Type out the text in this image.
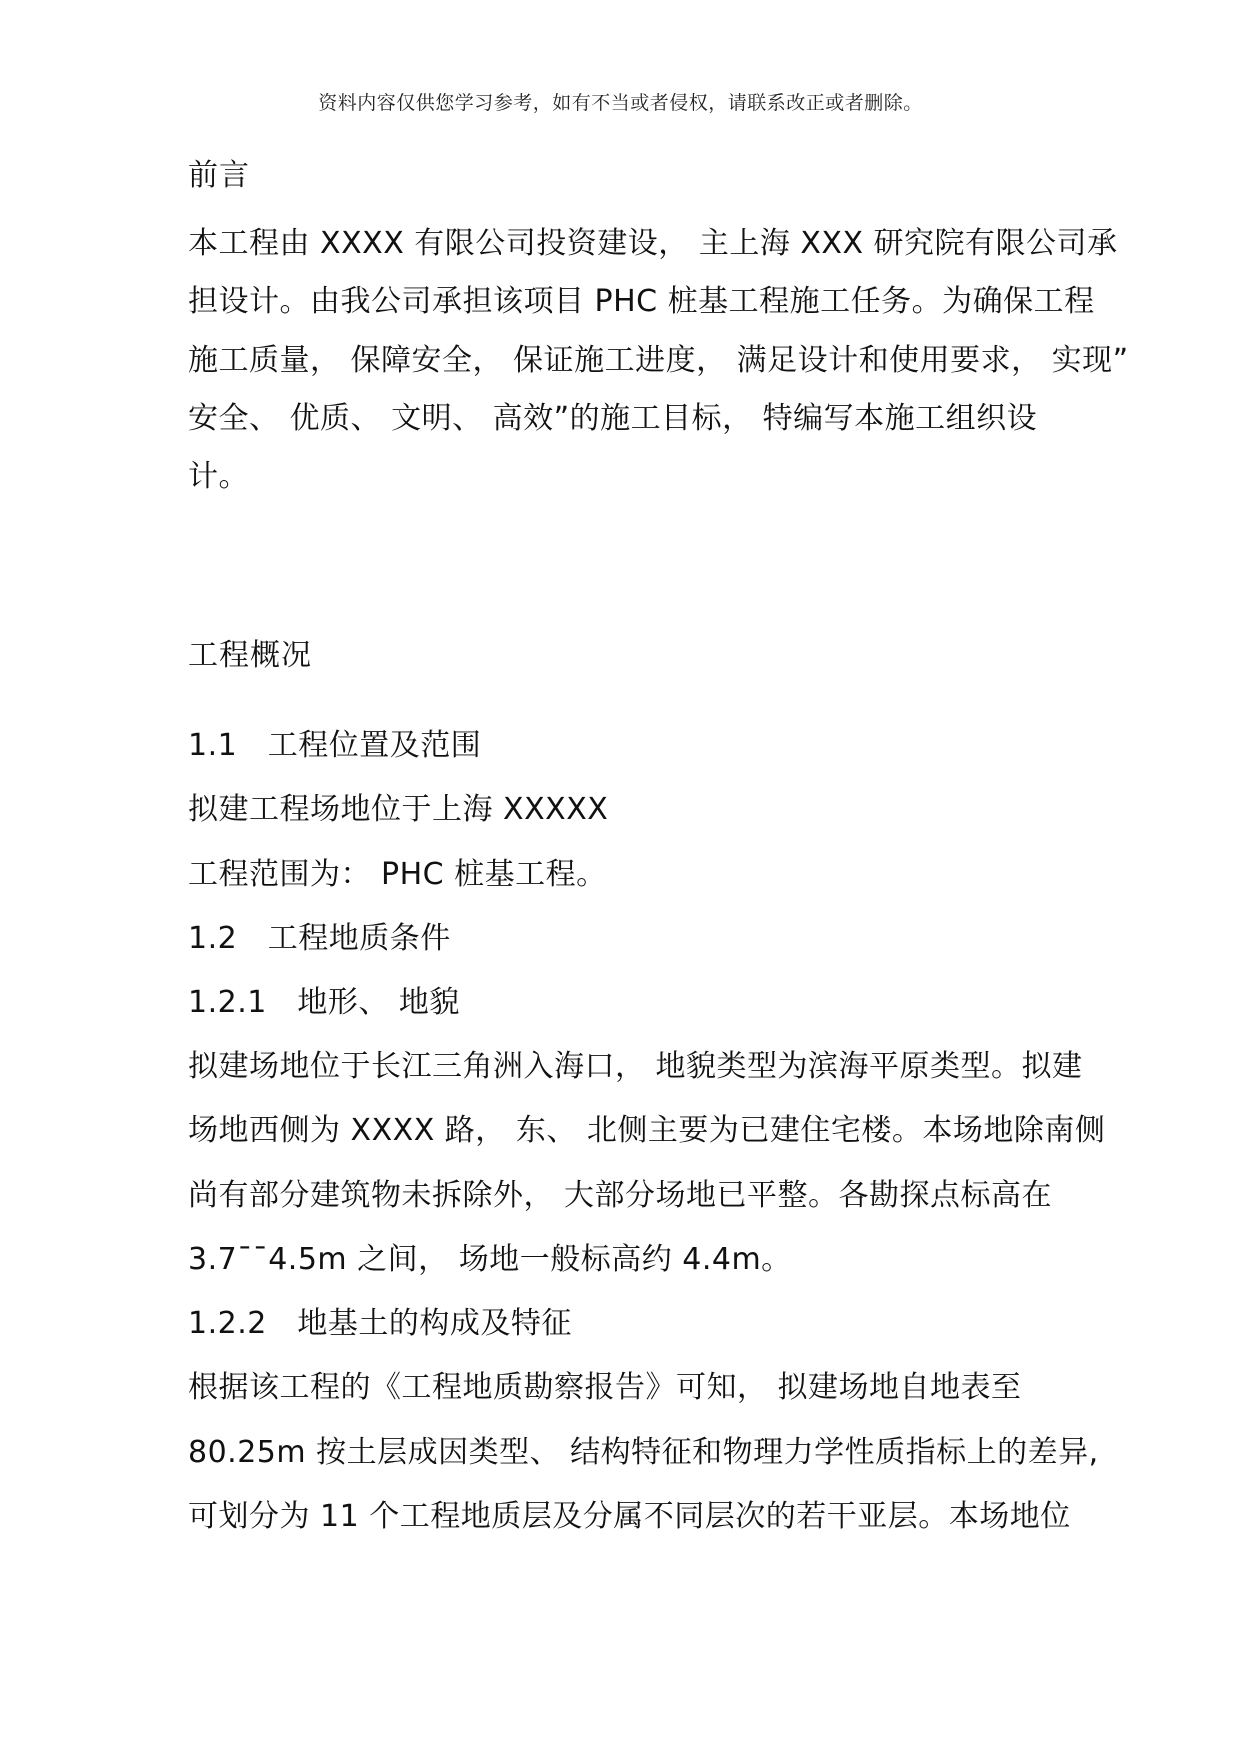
资料内容仅供您学习参考，如有不当或者侵权，请联系改正或者删除。
前言
本工程由 XXXX 有限公司投资建设， 主上海 XXX 研究院有限公司承
担设计。由我公司承担该项目 PHC 桩基工程施工任务。为确保工程
施工质量， 保障安全， 保证施工进度， 满足设计和使用要求， 实现”
安全、 优质、 文明、 高效”的施工目标， 特编写本施工组织设
计。
工程概况
1.1　工程位置及范围
拟建工程场地位于上海 XXXXX
工程范围为： PHC 桩基工程。
1.2　工程地质条件
1.2.1　地形、 地貌
拟建场地位于长江三角洲入海口， 地貌类型为滨海平原类型。拟建
场地西侧为 XXXX 路， 东、 北侧主要为已建住宅楼。本场地除南侧
尚有部分建筑物未拆除外， 大部分场地已平整。各勘探点标高在
3.7¯¯4.5m 之间， 场地一般标高约 4.4m。
1.2.2　地基土的构成及特征
根据该工程的《工程地质勘察报告》可知， 拟建场地自地表至
80.25m 按土层成因类型、 结构特征和物理力学性质指标上的差异,
可划分为 11 个工程地质层及分属不同层次的若干亚层。本场地位
